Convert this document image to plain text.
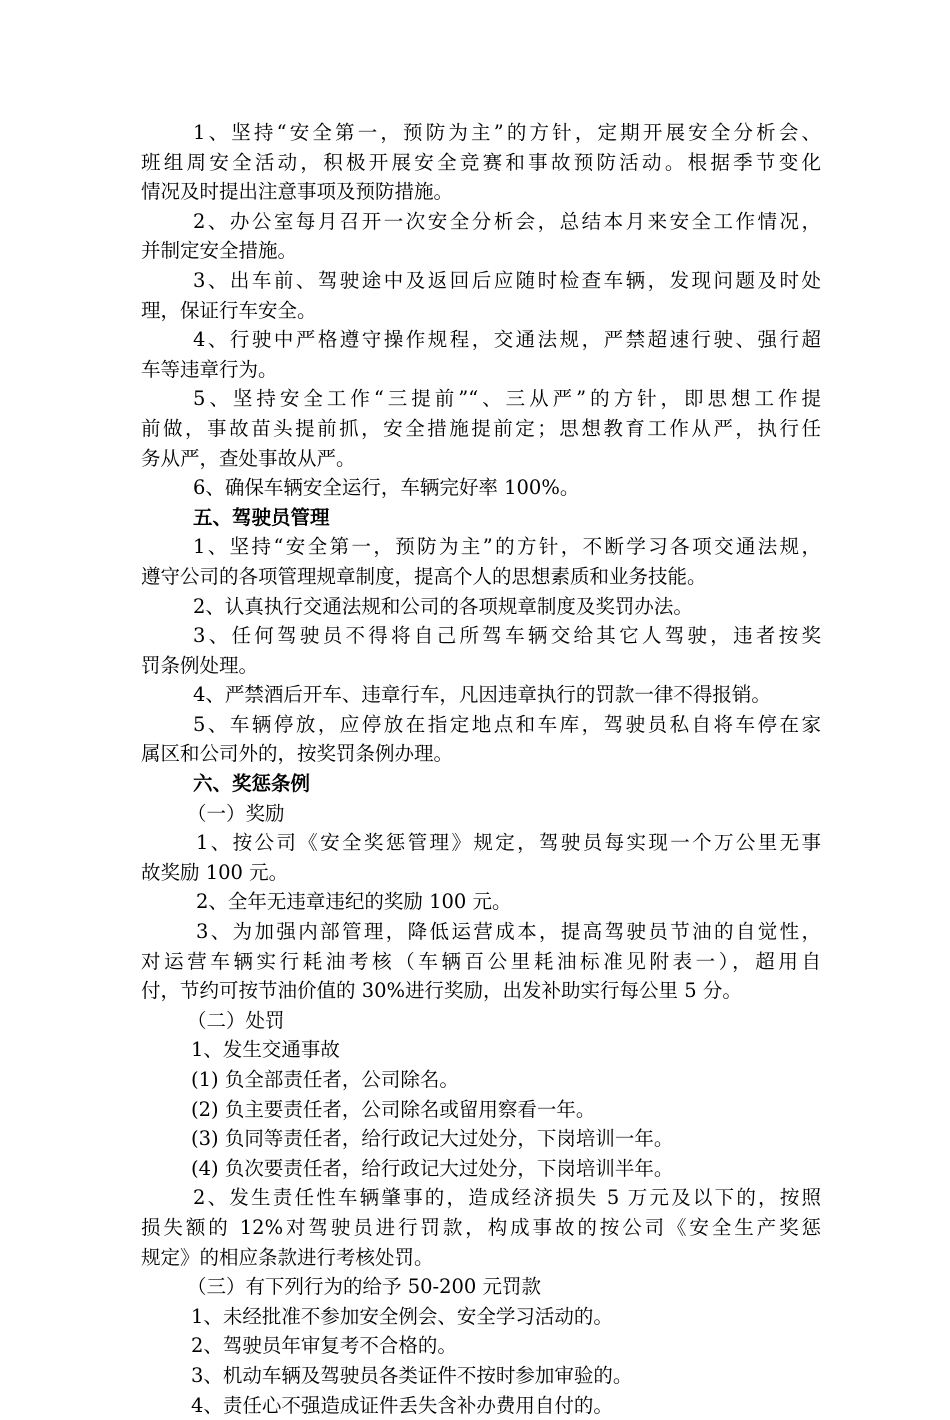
1、坚持“安全第一，预防为主”的方针，定期开展安全分析会、
班组周安全活动，积极开展安全竞赛和事故预防活动。根据季节变化
情况及时提出注意事项及预防措施。
2、办公室每月召开一次安全分析会，总结本月来安全工作情况，
并制定安全措施。
3、出车前、驾驶途中及返回后应随时检查车辆，发现问题及时处
理，保证行车安全。
4、行驶中严格遵守操作规程，交通法规，严禁超速行驶、强行超
车等违章行为。
5、坚持安全工作“三提前”“、三从严”的方针，即思想工作提
前做，事故苗头提前抓，安全措施提前定；思想教育工作从严，执行任
务从严，查处事故从严。
6、确保车辆安全运行，车辆完好率 100%。
五、驾驶员管理
1、坚持“安全第一，预防为主”的方针，不断学习各项交通法规，
遵守公司的各项管理规章制度，提高个人的思想素质和业务技能。
2、认真执行交通法规和公司的各项规章制度及奖罚办法。
3、任何驾驶员不得将自己所驾车辆交给其它人驾驶，违者按奖
罚条例处理。
4、严禁酒后开车、违章行车，凡因违章执行的罚款一律不得报销。
5、车辆停放，应停放在指定地点和车库，驾驶员私自将车停在家
属区和公司外的，按奖罚条例办理。
六、奖惩条例
（一）奖励
1、按公司《安全奖惩管理》规定，驾驶员每实现一个万公里无事
故奖励 100 元。
2、全年无违章违纪的奖励 100 元。
3、为加强内部管理，降低运营成本，提高驾驶员节油的自觉性，
对运营车辆实行耗油考核（车辆百公里耗油标准见附表一），超用自
付，节约可按节油价值的 30%进行奖励，出发补助实行每公里 5 分。
（二）处罚
1、发生交通事故
(1) 负全部责任者，公司除名。
(2) 负主要责任者，公司除名或留用察看一年。
(3) 负同等责任者，给行政记大过处分，下岗培训一年。
(4) 负次要责任者，给行政记大过处分，下岗培训半年。
2、发生责任性车辆肇事的，造成经济损失 5 万元及以下的，按照
损失额的 12%对驾驶员进行罚款，构成事故的按公司《安全生产奖惩
规定》的相应条款进行考核处罚。
（三）有下列行为的给予 50-200 元罚款
1、未经批准不参加安全例会、安全学习活动的。
2、驾驶员年审复考不合格的。
3、机动车辆及驾驶员各类证件不按时参加审验的。
4、责任心不强造成证件丢失含补办费用自付的。
